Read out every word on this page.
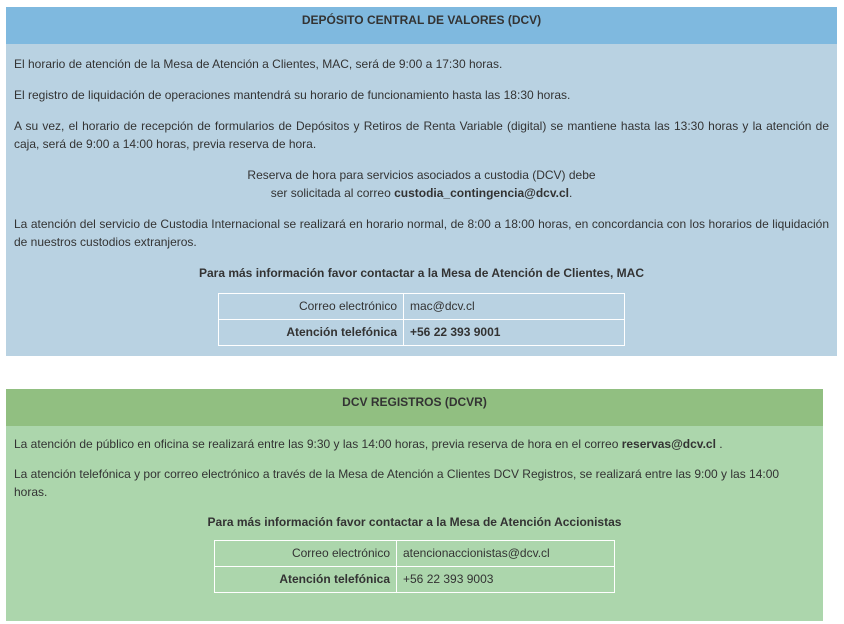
DEPÓSITO CENTRAL DE VALORES (DCV)

El horario de atención de la Mesa de Atención a Clientes, MAC, será de 9:00 a 17:30 horas.

El registro de liquidación de operaciones mantendrá su horario de funcionamiento hasta las 18:30 horas.

A su vez, el horario de recepción de formularios de Depósitos y Retiros de Renta Variable (digital) se mantiene hasta las 13:30 horas y la atención de caja, será de 9:00 a 14:00 horas, previa reserva de hora.

Reserva de hora para servicios asociados a custodia (DCV) debe
ser solicitada al correo custodia_contingencia@dcv.cl.

La atención del servicio de Custodia Internacional se realizará en horario normal, de 8:00 a 18:00 horas, en concordancia con los horarios de liquidación de nuestros custodios extranjeros.

Para más información favor contactar a la Mesa de Atención de Clientes, MAC

Correo electrónico	mac@dcv.cl
Atención telefónica	+56 22 393 9001
DCV REGISTROS (DCVR)

La atención de público en oficina se realizará entre las 9:30 y las 14:00 horas, previa reserva de hora en el correo reservas@dcv.cl .

La atención telefónica y por correo electrónico a través de la Mesa de Atención a Clientes DCV Registros, se realizará entre las 9:00 y las 14:00 horas.

Para más información favor contactar a la Mesa de Atención Accionistas

Correo electrónico	atencionaccionistas@dcv.cl
Atención telefónica	+56 22 393 9003
